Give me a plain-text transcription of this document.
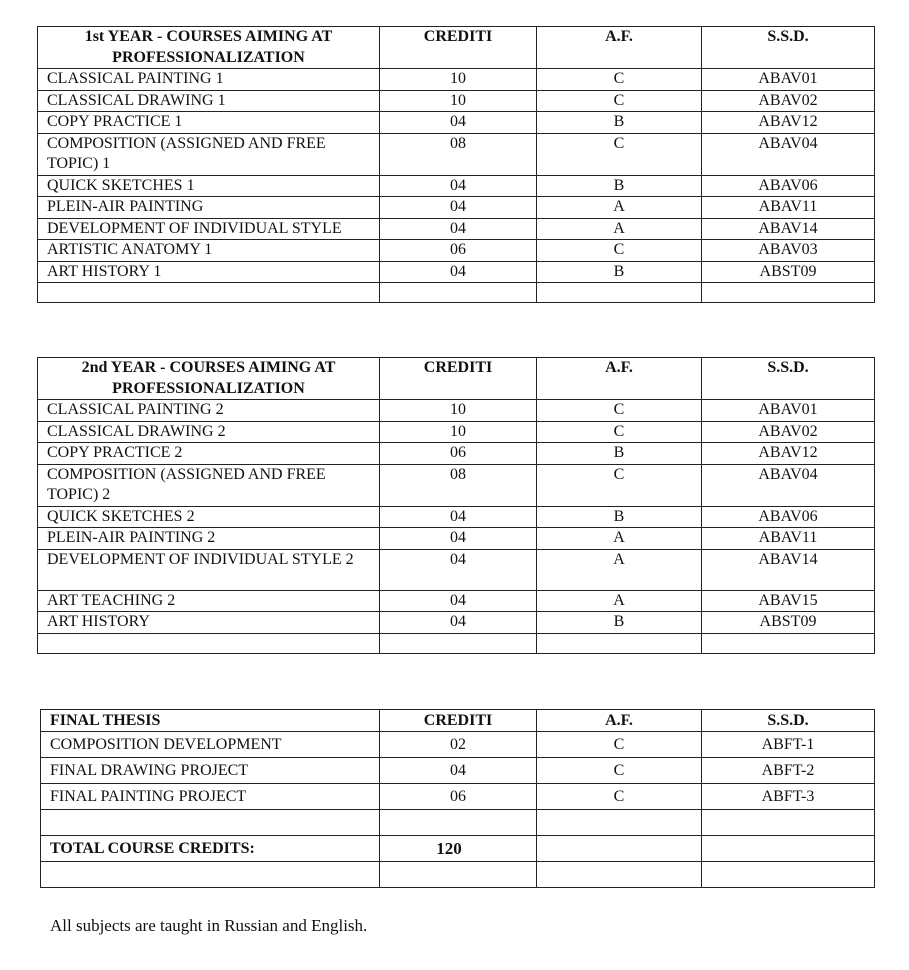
1st YEAR - COURSES AIMING AT PROFESSIONALIZATION	CREDITI	A.F.	S.S.D.
CLASSICAL PAINTING 1	10	C	ABAV01
CLASSICAL DRAWING 1	10	C	ABAV02
COPY PRACTICE 1	04	B	ABAV12
COMPOSITION (ASSIGNED AND FREE TOPIC) 1	08	C	ABAV04
QUICK SKETCHES 1	04	B	ABAV06
PLEIN-AIR PAINTING	04	A	ABAV11
DEVELOPMENT OF INDIVIDUAL STYLE	04	A	ABAV14
ARTISTIC ANATOMY 1	06	C	ABAV03
ART HISTORY 1	04	B	ABST09

2nd YEAR - COURSES AIMING AT PROFESSIONALIZATION	CREDITI	A.F.	S.S.D.
CLASSICAL PAINTING 2	10	C	ABAV01
CLASSICAL DRAWING 2	10	C	ABAV02
COPY PRACTICE 2	06	B	ABAV12
COMPOSITION (ASSIGNED AND FREE TOPIC) 2	08	C	ABAV04
QUICK SKETCHES 2	04	B	ABAV06
PLEIN-AIR PAINTING 2	04	A	ABAV11
DEVELOPMENT OF INDIVIDUAL STYLE 2	04	A	ABAV14
ART TEACHING 2	04	A	ABAV15
ART HISTORY	04	B	ABST09

FINAL THESIS	CREDITI	A.F.	S.S.D.
COMPOSITION DEVELOPMENT	02	C	ABFT-1
FINAL DRAWING PROJECT	04	C	ABFT-2
FINAL PAINTING PROJECT	06	C	ABFT-3

TOTAL COURSE CREDITS:	120		

All subjects are taught in Russian and English.
